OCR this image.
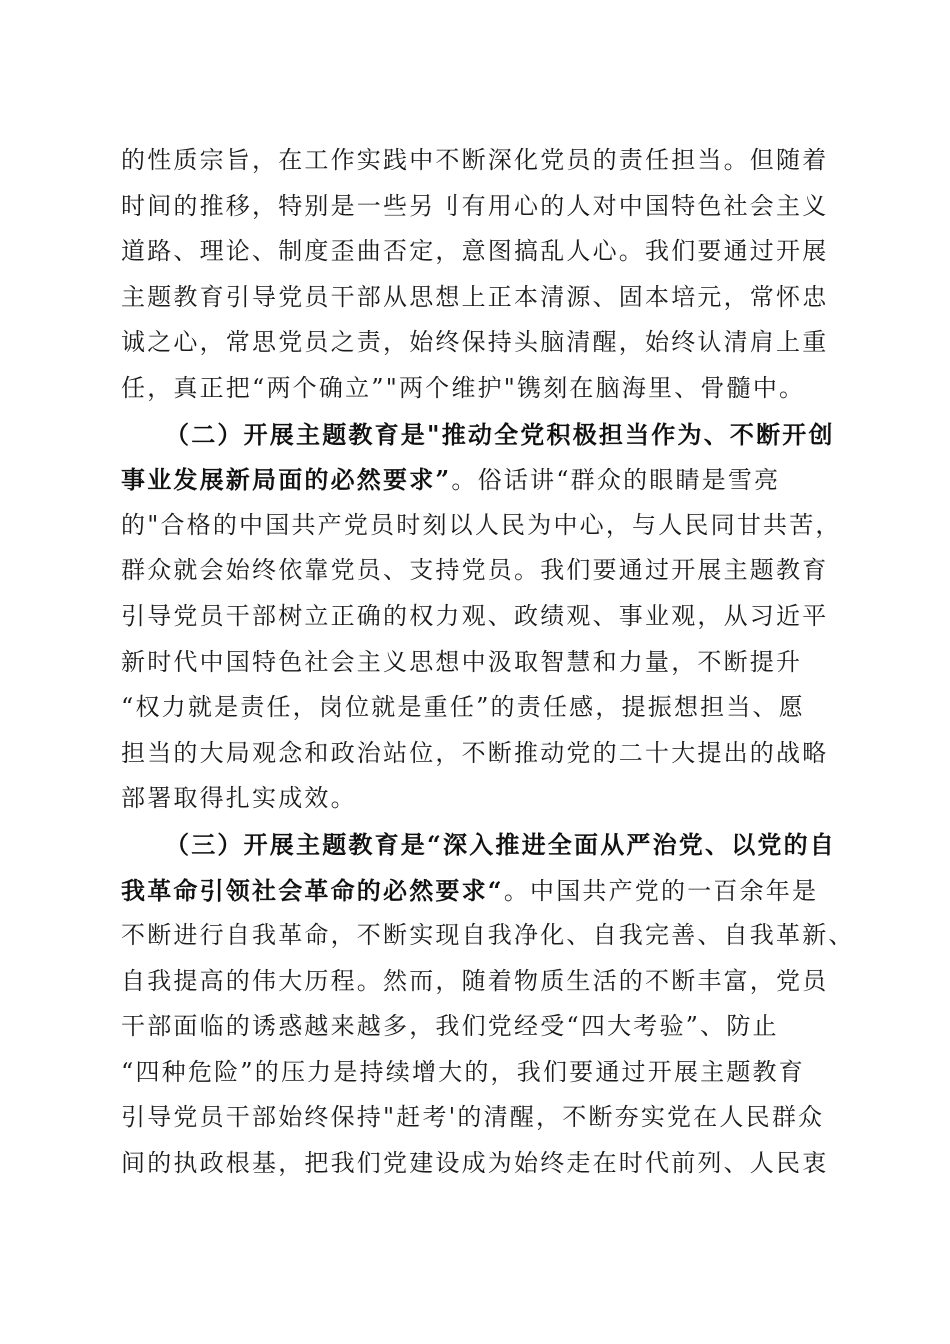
的性质宗旨，在工作实践中不断深化党员的责任担当。但随着
时间的推移，特别是一些另刂有用心的人对中国特色社会主义
道路、理论、制度歪曲否定，意图搞乱人心。我们要通过开展
主题教育引导党员干部从思想上正本清源、固本培元，常怀忠
诚之心，常思党员之责，始终保持头脑清醒，始终认清肩上重
任，真正把“两个确立”"两个维护"镌刻在脑海里、骨髓中。
（二）开展主题教育是"推动全党积极担当作为、不断开创
事业发展新局面的必然要求”。俗话讲“群众的眼睛是雪亮
的"合格的中国共产党员时刻以人民为中心，与人民同甘共苦，
群众就会始终依靠党员、支持党员。我们要通过开展主题教育
引导党员干部树立正确的权力观、政绩观、事业观，从习近平
新时代中国特色社会主义思想中汲取智慧和力量，不断提升
“权力就是责任，岗位就是重任”的责任感，提振想担当、愿
担当的大局观念和政治站位，不断推动党的二十大提出的战略
部署取得扎实成效。
（三）开展主题教育是“深入推进全面从严治党、以党的自
我革命引领社会革命的必然要求“。中国共产党的一百余年是
不断进行自我革命，不断实现自我净化、自我完善、自我革新、
自我提高的伟大历程。然而，随着物质生活的不断丰富，党员
干部面临的诱惑越来越多，我们党经受“四大考验”、防止
“四种危险”的压力是持续增大的，我们要通过开展主题教育
引导党员干部始终保持"赶考'的清醒，不断夯实党在人民群众
间的执政根基，把我们党建设成为始终走在时代前列、人民衷
